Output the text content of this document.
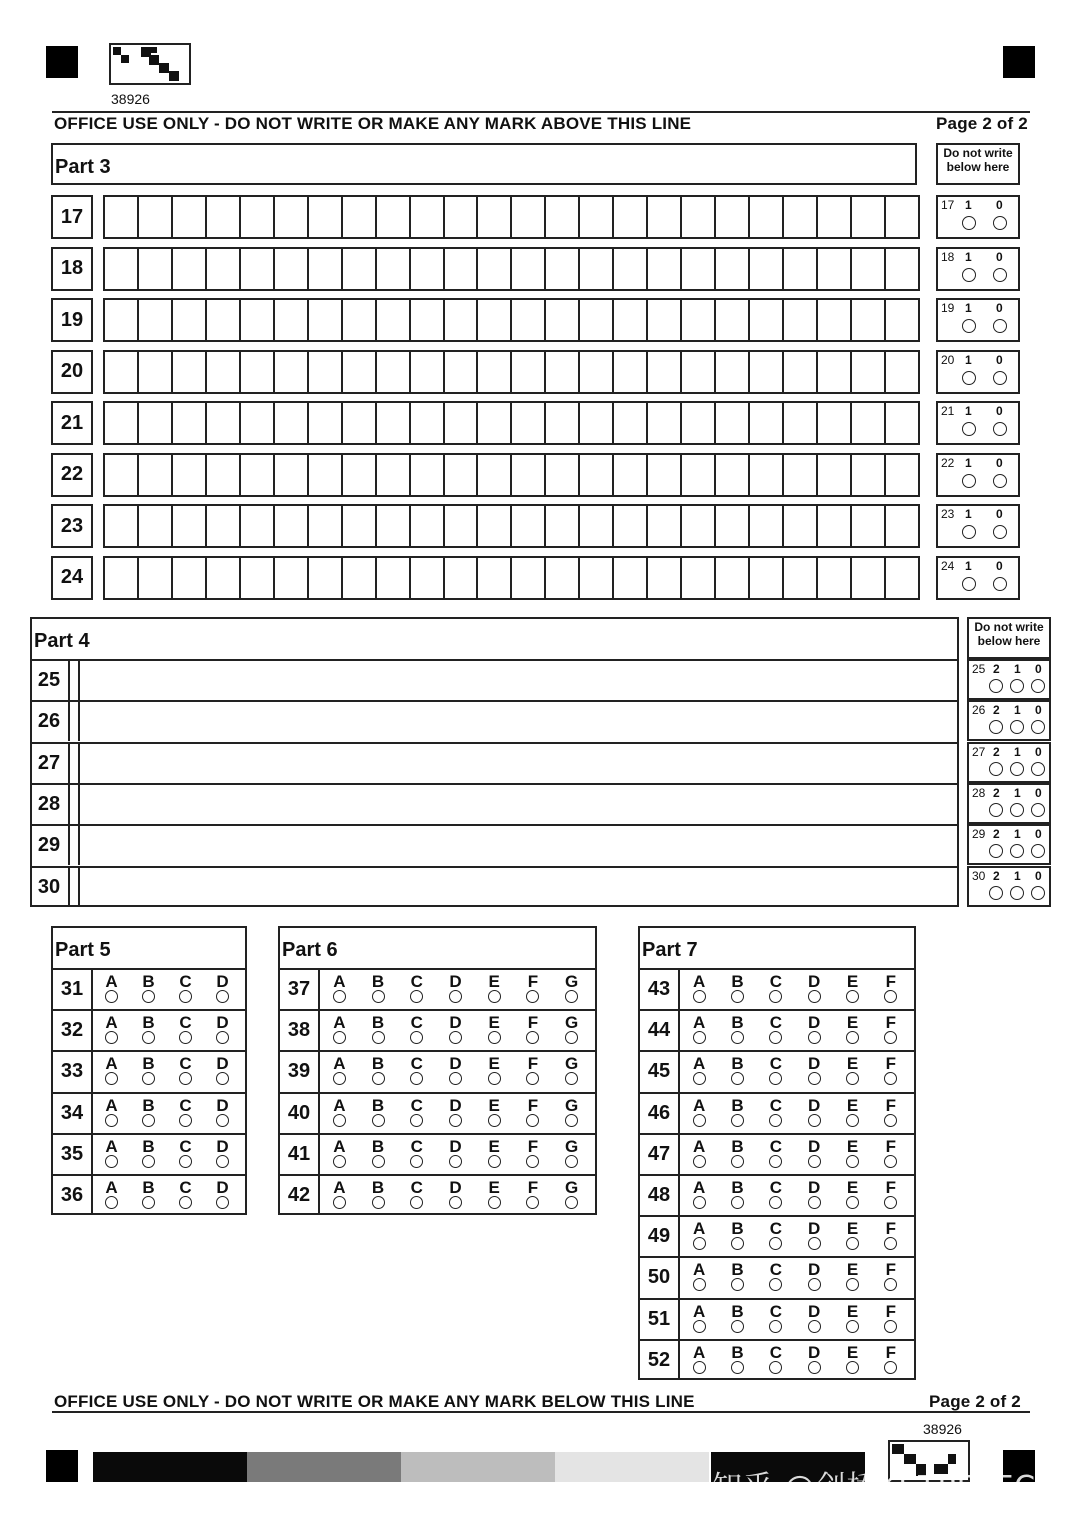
38926
OFFICE USE ONLY - DO NOT WRITE OR MAKE ANY MARK ABOVE THIS LINE	Page 2 of 2
Part 3
Do not write below here
17
17 1 0
18
18 1 0
19
19 1 0
20
20 1 0
21
21 1 0
22
22 1 0
23
23 1 0
24
24 1 0
Part 4
Do not write below here
25	25 2 1 0
26	26 2 1 0
27	27 2 1 0
28	28 2 1 0
29	29 2 1 0
30	30 2 1 0
Part 5
31	A B C D
32	A B C D
33	A B C D
34	A B C D
35	A B C D
36	A B C D
Part 6
37	A B C D	E	F	G
38	A B C D	E	F	G
39	A B C D	E	F	G
40	A B C D	E	F	G
41	A B C D	E	F	G
42	A B C D	E	F	G
Part 7
43	A B C D	E	F
44	A B C D	E	F
45	A B C D	E	F
46	A B C D	E	F
47	A B C D	E	F
48	A B C D	E	F
49	A B C D	E	F
50	A B C D	E	F
51	A B C D	E	F
52	A B C D	E	F
OFFICE USE ONLY - DO NOT WRITE OR MAKE ANY MARK BELOW THIS LINE	Page 2 of 2
38926
知乎 @剑桥KETPETFCE
